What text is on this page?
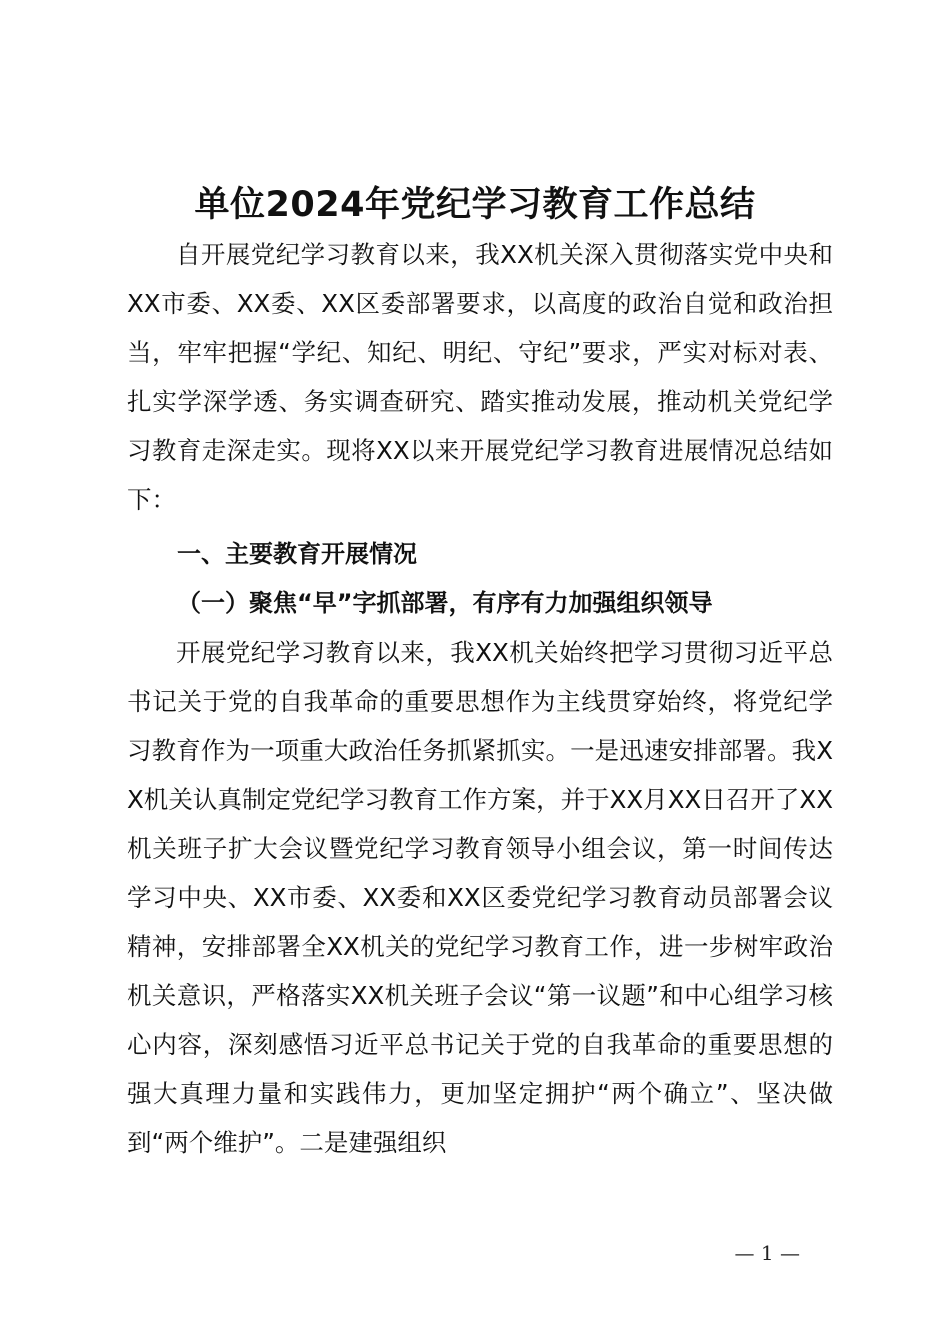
单位2024年党纪学习教育工作总结
自开展党纪学习教育以来，我XX机关深入贯彻落实党中央和XX市委、XX委、XX区委部署要求，以高度的政治自觉和政治担当，牢牢把握“学纪、知纪、明纪、守纪”要求，严实对标对表、扎实学深学透、务实调查研究、踏实推动发展，推动机关党纪学习教育走深走实。现将XX以来开展党纪学习教育进展情况总结如下：
一、主要教育开展情况
（一）聚焦“早”字抓部署，有序有力加强组织领导
开展党纪学习教育以来，我XX机关始终把学习贯彻习近平总书记关于党的自我革命的重要思想作为主线贯穿始终，将党纪学习教育作为一项重大政治任务抓紧抓实。一是迅速安排部署。我XX机关认真制定党纪学习教育工作方案，并于XX月XX日召开了XX机关班子扩大会议暨党纪学习教育领导小组会议，第一时间传达学习中央、XX市委、XX委和XX区委党纪学习教育动员部署会议精神，安排部署全XX机关的党纪学习教育工作，进一步树牢政治机关意识，严格落实XX机关班子会议“第一议题”和中心组学习核心内容，深刻感悟习近平总书记关于党的自我革命的重要思想的强大真理力量和实践伟力，更加坚定拥护“两个确立”、坚决做到“两个维护”。二是建强组织
— 1 —
